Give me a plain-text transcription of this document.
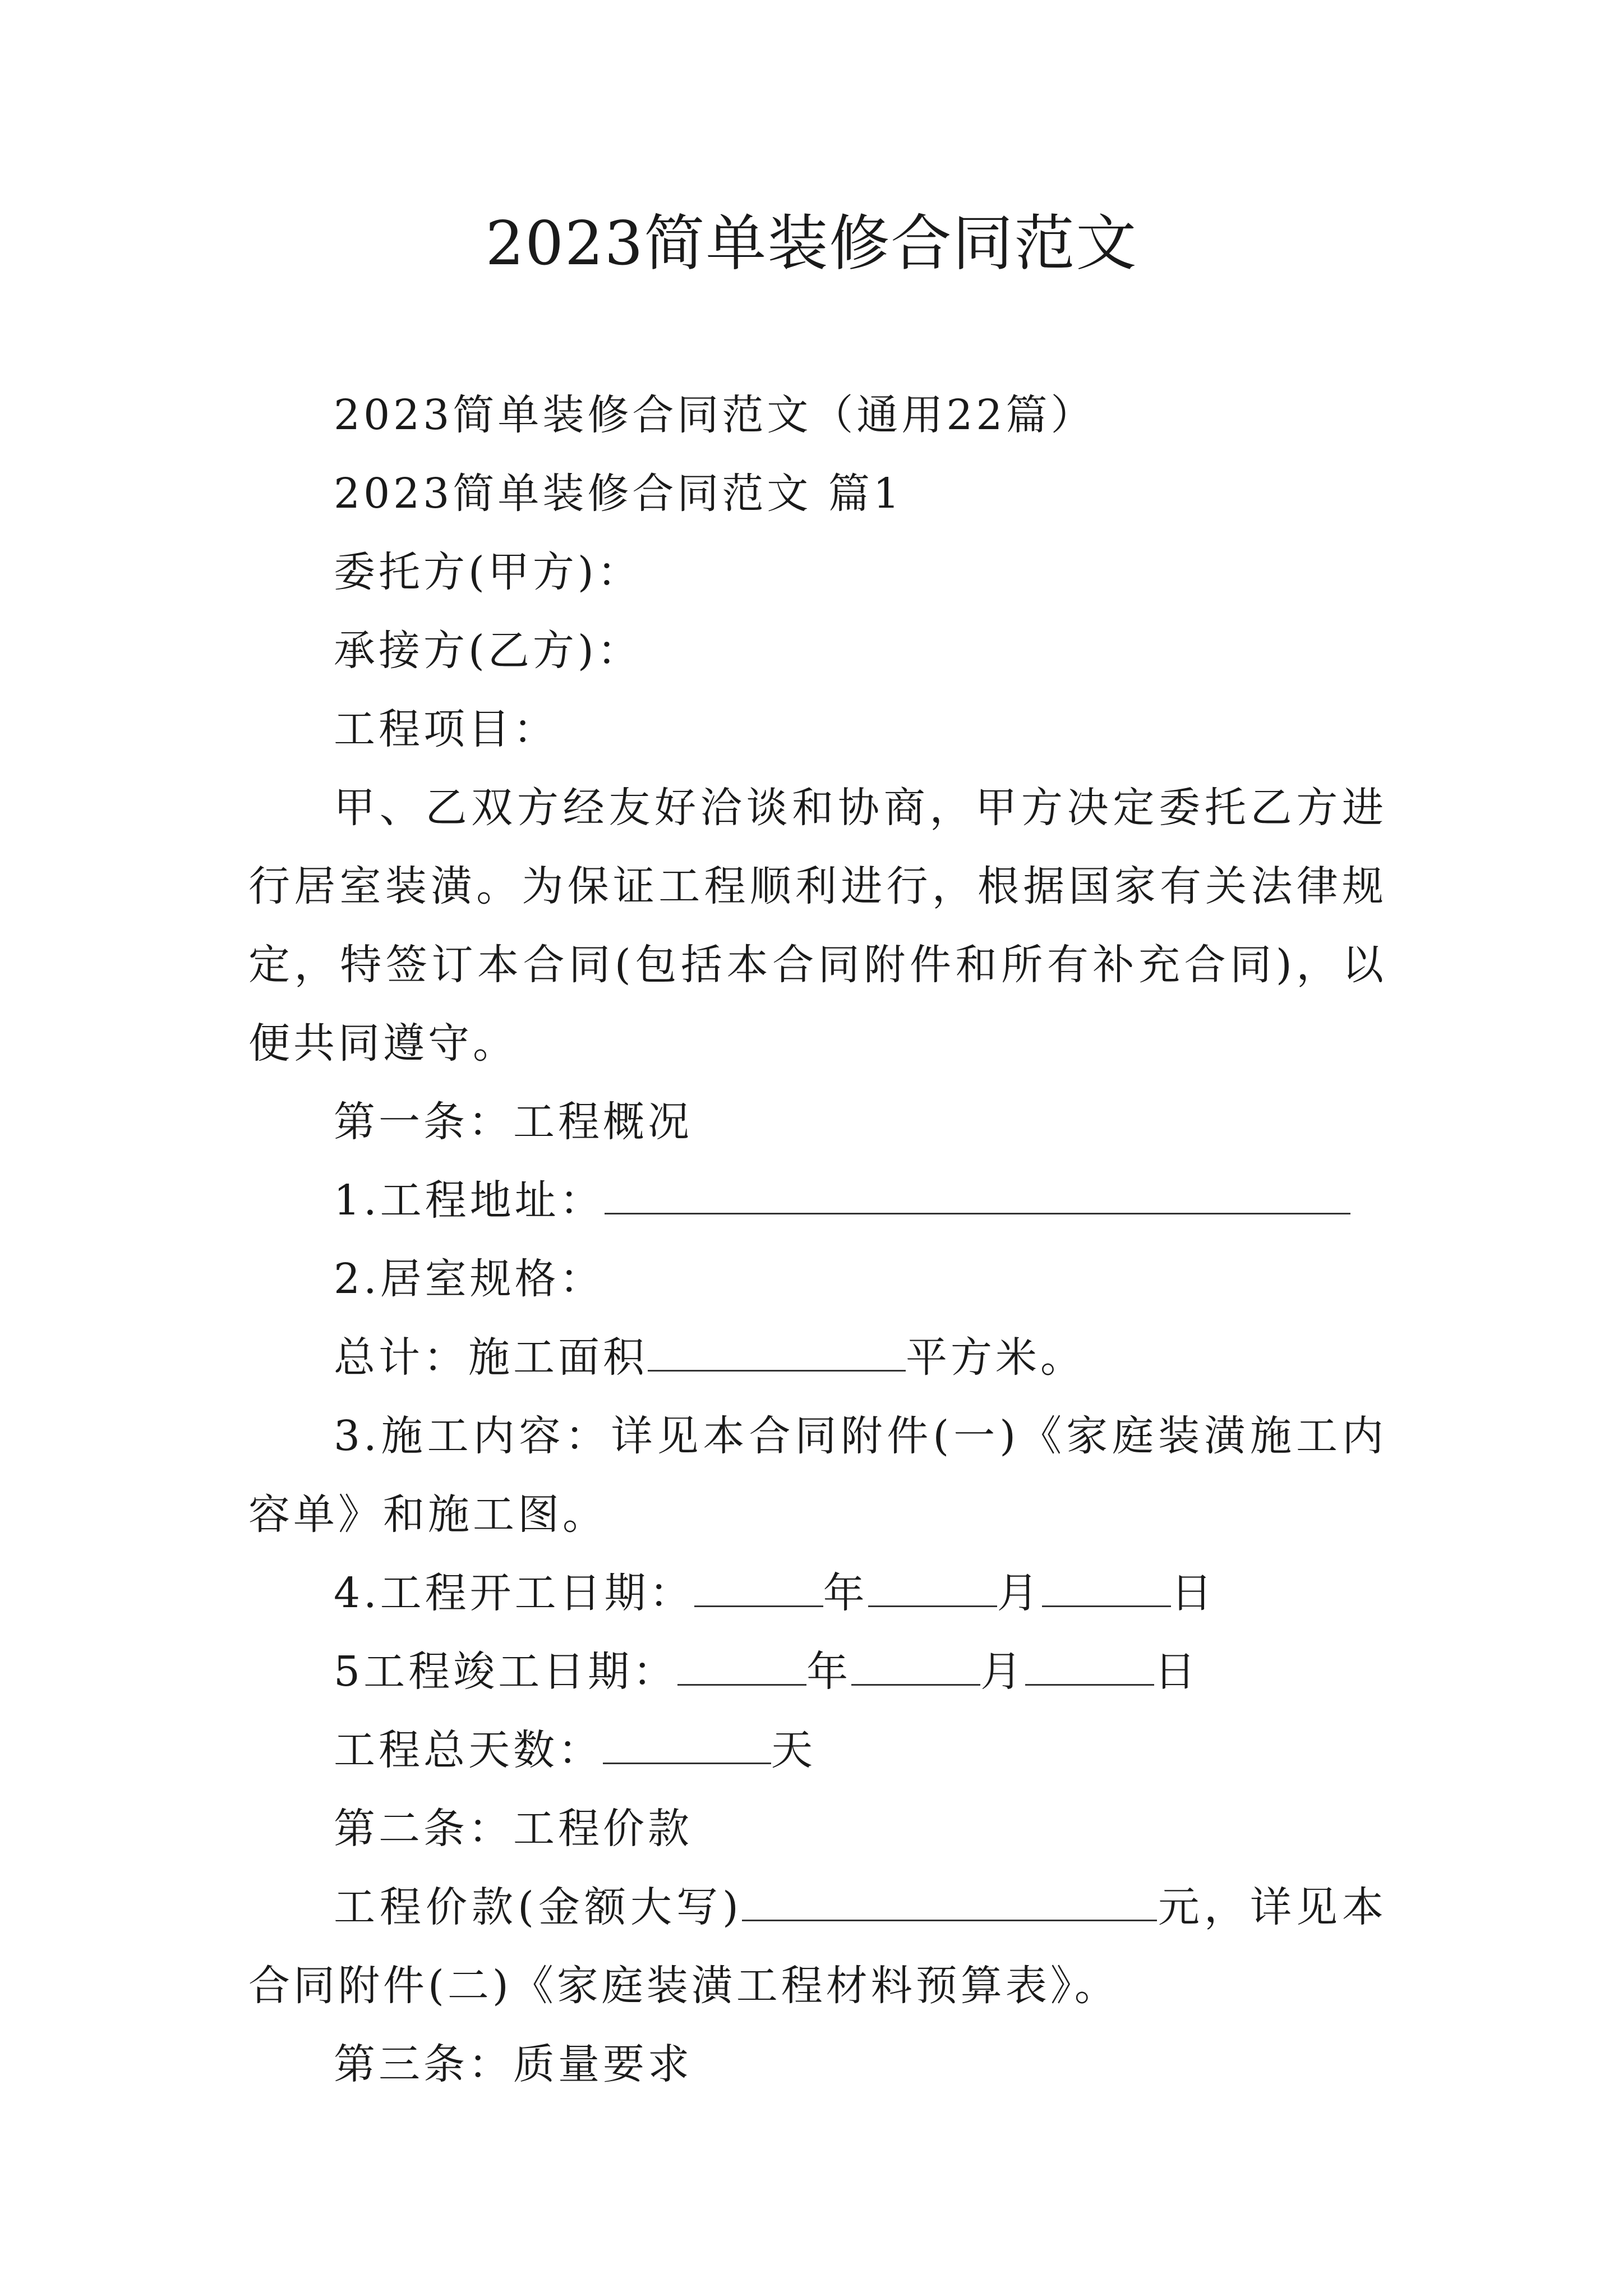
2023简单装修合同范文

2023简单装修合同范文（通用22篇）

2023简单装修合同范文 篇1

委托方(甲方)：

承接方(乙方)：

工程项目：

甲、乙双方经友好洽谈和协商，甲方决定委托乙方进行居室装潢。为保证工程顺利进行，根据国家有关法律规定，特签订本合同(包括本合同附件和所有补充合同)，以便共同遵守。

第一条：工程概况

1.工程地址：

2.居室规格：

总计：施工面积	平方米。

3.施工内容：详见本合同附件(一)《家庭装潢施工内容单》和施工图。

4.工程开工日期：	年	月	日

5工程竣工日期：	年	月	日

工程总天数：	天

第二条：工程价款

工程价款(金额大写)	元，详见本合同附件(二)《家庭装潢工程材料预算表》。

第三条：质量要求
